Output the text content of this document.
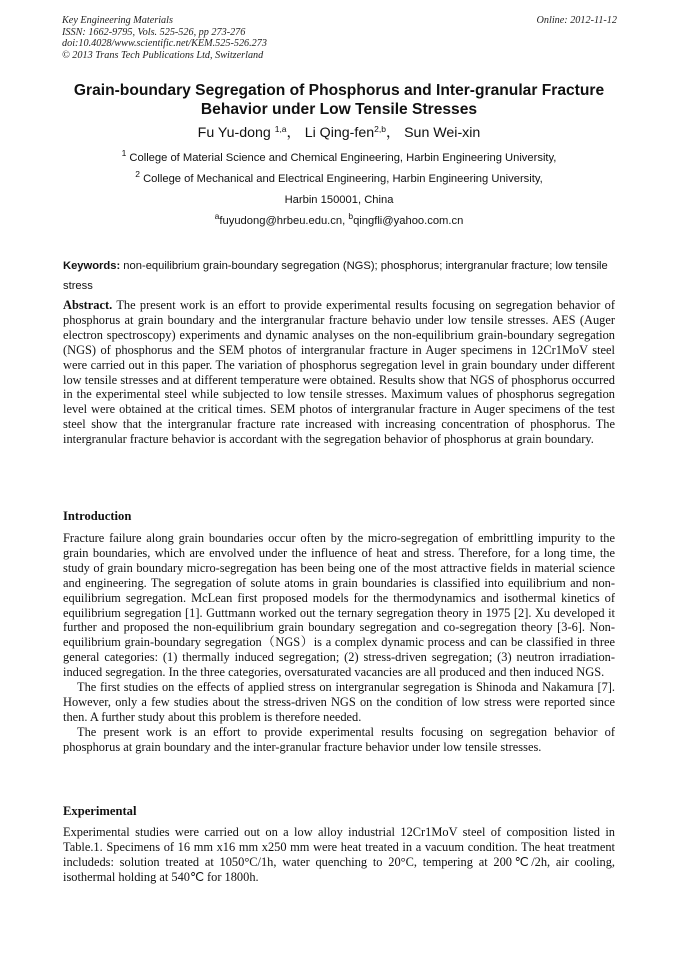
Key Engineering Materials
ISSN: 1662-9795, Vols. 525-526, pp 273-276
doi:10.4028/www.scientific.net/KEM.525-526.273
© 2013 Trans Tech Publications Ltd, Switzerland
Online: 2012-11-12
Grain-boundary Segregation of Phosphorus and Inter-granular Fracture
Behavior under Low Tensile Stresses
Fu Yu-dong $^{1,a}$， Li Qing-fen$^{2,b}$， Sun Wei-xin
$^1$ College of Material Science and Chemical Engineering, Harbin Engineering University,
$^2$ College of Mechanical and Electrical Engineering, Harbin Engineering University,
Harbin 150001, China
$^a$fuyudong@hrbeu.edu.cn, $^b$qingfli@yahoo.com.cn
Keywords: non-equilibrium grain-boundary segregation (NGS); phosphorus; intergranular fracture; low tensile stress
Abstract. The present work is an effort to provide experimental results focusing on segregation behavior of phosphorus at grain boundary and the intergranular fracture behavio under low tensile stresses. AES (Auger electron spectroscopy) experiments and dynamic analyses on the non-equilibrium grain-boundary segregation (NGS) of phosphorus and the SEM photos of intergranular fracture in Auger specimens in 12Cr1MoV steel were carried out in this paper. The variation of phosphorus segregation level in grain boundary under different low tensile stresses and at different temperature were obtained. Results show that NGS of phosphorus occurred in the experimental steel while subjected to low tensile stresses. Maximum values of phosphorus segregation level were obtained at the critical times. SEM photos of intergranular fracture in Auger specimens of the test steel show that the intergranular fracture rate increased with increasing concentration of phosphorus. The intergranular fracture behavior is accordant with the segregation behavior of phosphorus at grain boundary.
Introduction

Fracture failure along grain boundaries occur often by the micro-segregation of embrittling impurity to the grain boundaries, which are envolved under the influence of heat and stress. Therefore, for a long time, the study of grain boundary micro-segregation has been being one of the most attractive fields in material science and engineering. The segregation of solute atoms in grain boundaries is classified into equilibrium and non-equilibrium segregation. McLean first proposed models for the thermodynamics and isothermal kinetics of equilibrium segregation [1]. Guttmann worked out the ternary segregation theory in 1975 [2]. Xu developed it further and proposed the non-equilibrium grain boundary segregation and co-segregation theory [3-6]. Non-equilibrium grain-boundary segregation（NGS）is a complex dynamic process and can be classified in three general categories: (1) thermally induced segregation; (2) stress-driven segregation; (3) neutron irradiation-induced segregation. In the three categories, oversaturated vacancies are all produced and then induced NGS.

The first studies on the effects of applied stress on intergranular segregation is Shinoda and Nakamura [7]. However, only a few studies about the stress-driven NGS on the condition of low stress were reported since then. A further study about this problem is therefore needed.

The present work is an effort to provide experimental results focusing on segregation behavior of phosphorus at grain boundary and the inter-granular fracture behavior under low tensile stresses.

Experimental

Experimental studies were carried out on a low alloy industrial 12Cr1MoV steel of composition listed in Table.1. Specimens of 16 mm x16 mm x250 mm were heat treated in a vacuum condition. The heat treatment includeds: solution treated at 1050°C/1h, water quenching to 20°C, tempering at 200℃/2h, air cooling, isothermal holding at 540℃ for 1800h.
